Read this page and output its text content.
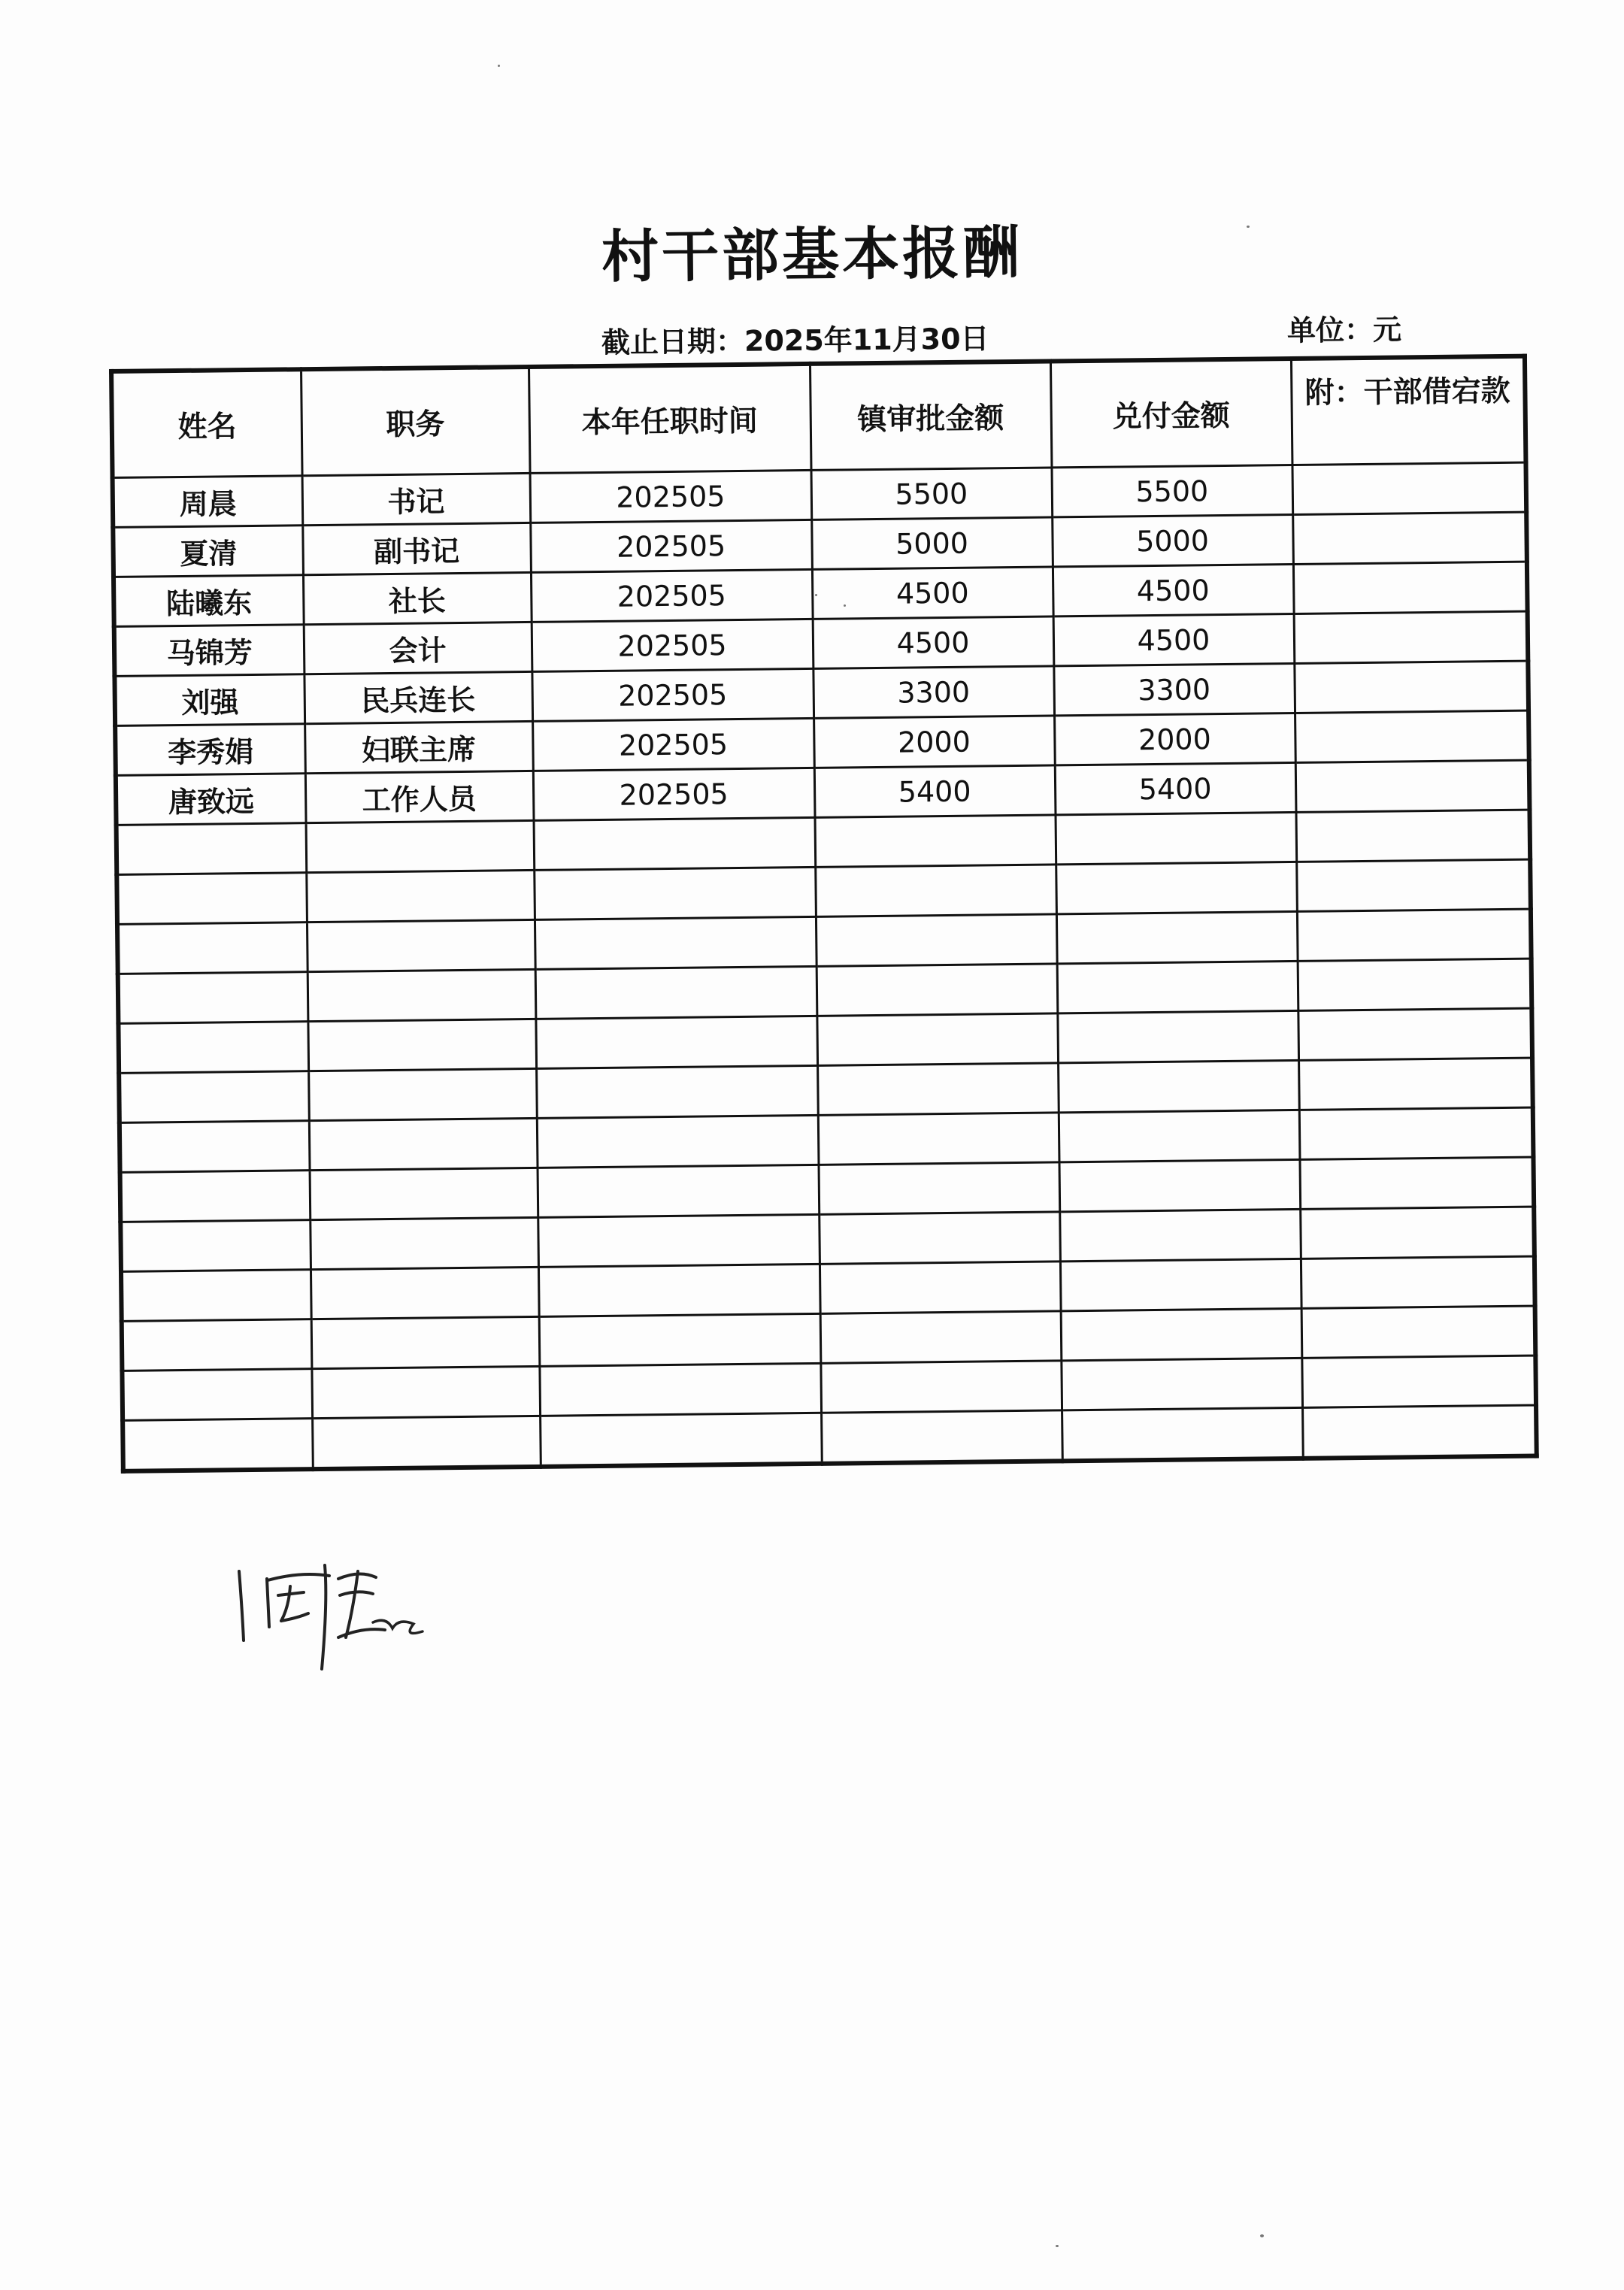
村干部基本报酬
截止日期：2025年11月30日	单位：元
姓名	职务	本年任职时间	镇审批金额	兑付金额	附：干部借宕款
周晨	书记	202505	5500	5500	
夏清	副书记	202505	5000	5000	
陆曦东	社长	202505	4500	4500	
马锦芳	会计	202505	4500	4500	
刘强	民兵连长	202505	3300	3300	
李秀娟	妇联主席	202505	2000	2000	
唐致远	工作人员	202505	5400	5400	
